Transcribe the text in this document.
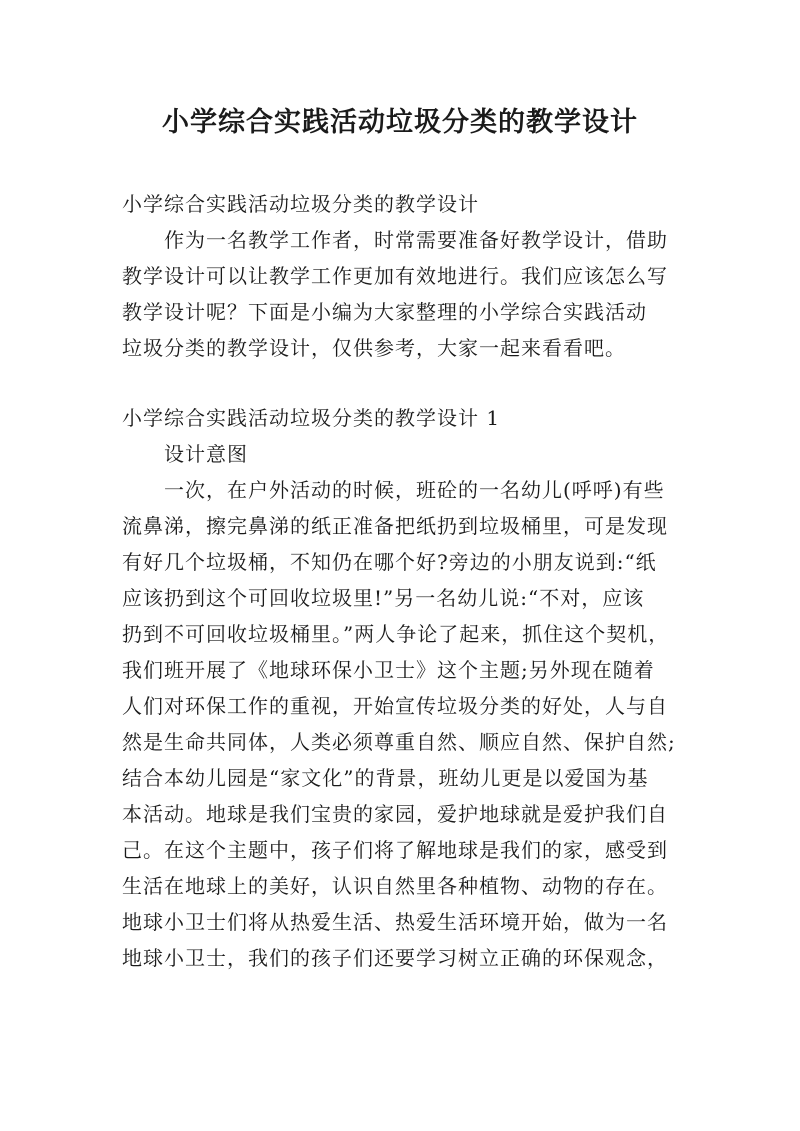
小学综合实践活动垃圾分类的教学设计

小学综合实践活动垃圾分类的教学设计

作为一名教学工作者，时常需要准备好教学设计，借助

教学设计可以让教学工作更加有效地进行。我们应该怎么写

教学设计呢？下面是小编为大家整理的小学综合实践活动

垃圾分类的教学设计，仅供参考，大家一起来看看吧。

小学综合实践活动垃圾分类的教学设计 1

设计意图

一次，在户外活动的时候，班砼的一名幼儿(呼呼)有些

流鼻涕，擦完鼻涕的纸正准备把纸扔到垃圾桶里，可是发现

有好几个垃圾桶，不知仍在哪个好?旁边的小朋友说到:“纸

应该扔到这个可回收垃圾里!”另一名幼儿说:“不对，应该

扔到不可回收垃圾桶里。”两人争论了起来，抓住这个契机，

我们班开展了《地球环保小卫士》这个主题;另外现在随着

人们对环保工作的重视，开始宣传垃圾分类的好处，人与自

然是生命共同体，人类必须尊重自然、顺应自然、保护自然;

结合本幼儿园是“家文化”的背景，班幼儿更是以爱国为基

本活动。地球是我们宝贵的家园，爱护地球就是爱护我们自

己。在这个主题中，孩子们将了解地球是我们的家，感受到

生活在地球上的美好，认识自然里各种植物、动物的存在。

地球小卫士们将从热爱生活、热爱生活环境开始，做为一名

地球小卫士，我们的孩子们还要学习树立正确的环保观念，
